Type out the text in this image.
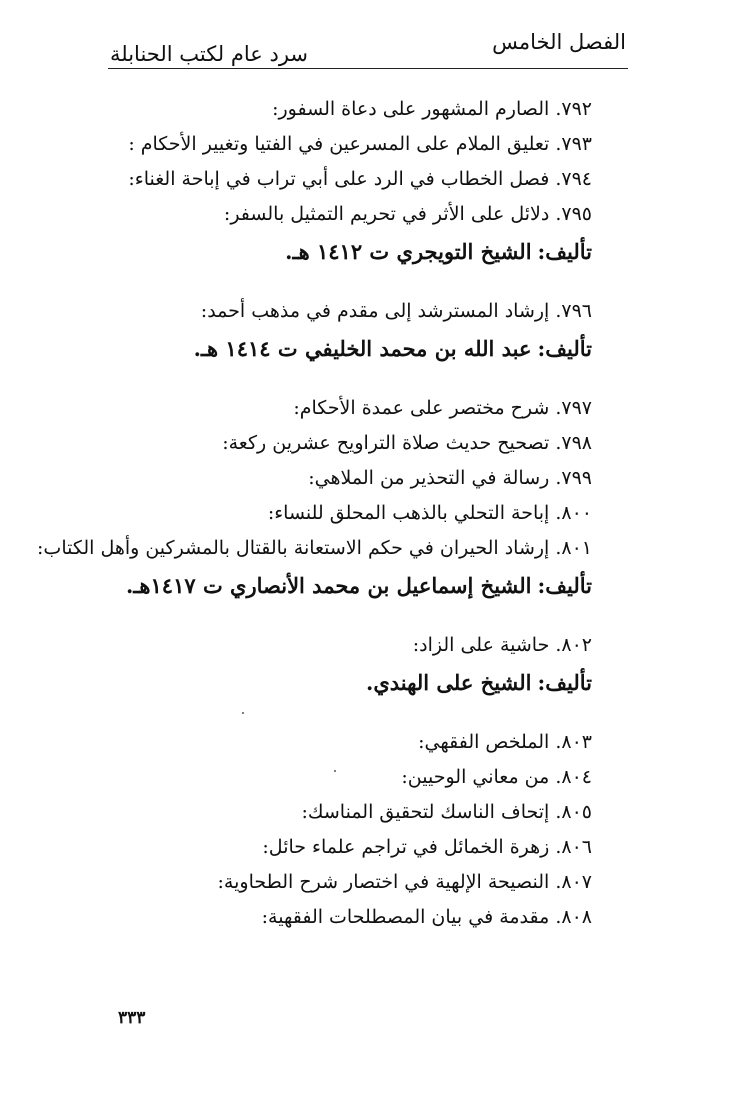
الفصل الخامس
سرد عام لكتب الحنابلة
٧٩٢.الصارم المشهور على دعاة السفور:
٧٩٣.تعليق الملام على المسرعين في الفتيا وتغيير الأحكام :
٧٩٤.فصل الخطاب في الرد على أبي تراب في إباحة الغناء:
٧٩٥.دلائل على الأثر في تحريم التمثيل بالسفر:
تأليف:الشيخ التويجري ت ١٤١٢ هـ.
٧٩٦.إرشاد المسترشد إلى مقدم في مذهب أحمد:
تأليف:عبد الله بن محمد الخليفي ت ١٤١٤ هـ.
٧٩٧.شرح مختصر على عمدة الأحكام:
٧٩٨.تصحيح حديث صلاة التراويح عشرين ركعة:
٧٩٩.رسالة في التحذير من الملاهي:
٨٠٠.إباحة التحلي بالذهب المحلق للنساء:
٨٠١.إرشاد الحيران في حكم الاستعانة بالقتال بالمشركين وأهل الكتاب:
تأليف:الشيخ إسماعيل بن محمد الأنصاري ت ١٤١٧هـ.
٨٠٢.حاشية على الزاد:
تأليف:الشيخ على الهندي.
٨٠٣.الملخص الفقهي:
٨٠٤.من معاني الوحيين:
٨٠٥.إتحاف الناسك لتحقيق المناسك:
٨٠٦.زهرة الخمائل في تراجم علماء حائل:
٨٠٧.النصيحة الإلهية في اختصار شرح الطحاوية:
٨٠٨.مقدمة في بيان المصطلحات الفقهية:
٣٣٣
